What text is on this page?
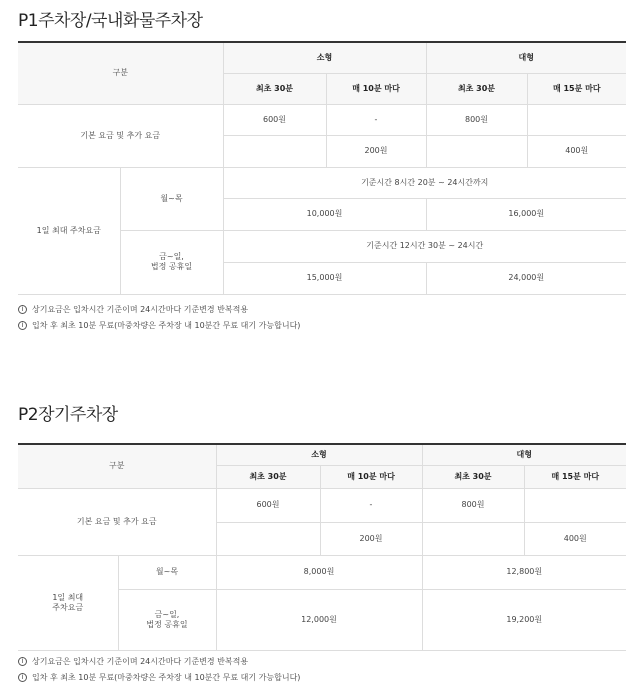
P1주차장/국내화물주차장
구분		소형		대형	
		최초 30분	매 10분 마다	최초 30분	매 15분 마다
기본 요금 및 추가 요금		600원	-	800원	
			200원		400원
1일 최대 주차요금	월~목	기준시간 8시간 20분 ~ 24시간까지			
		10,000원		16,000원	
	금~일,
법정 공휴일	기준시간 12시간 30분 ~ 24시간			
		15,000원		24,000원	
i	상기요금은 입차시간 기준이며 24시간마다 기준변경 반복적용
i	입차 후 최초 10분 무료(마중차량은 주차장 내 10분간 무료 대기 가능합니다)
P2장기주차장
구분		소형		대형	
		최초 30분	매 10분 마다	최초 30분	매 15분 마다
기본 요금 및 추가 요금		600원	-	800원	
			200원		400원
1일 최대
주차요금	월~목	8,000원		12,800원	
	금~일,
법정 공휴일	12,000원		19,200원	
i	상기요금은 입차시간 기준이며 24시간마다 기준변경 반복적용
i	입차 후 최초 10분 무료(마중차량은 주차장 내 10분간 무료 대기 가능합니다)
